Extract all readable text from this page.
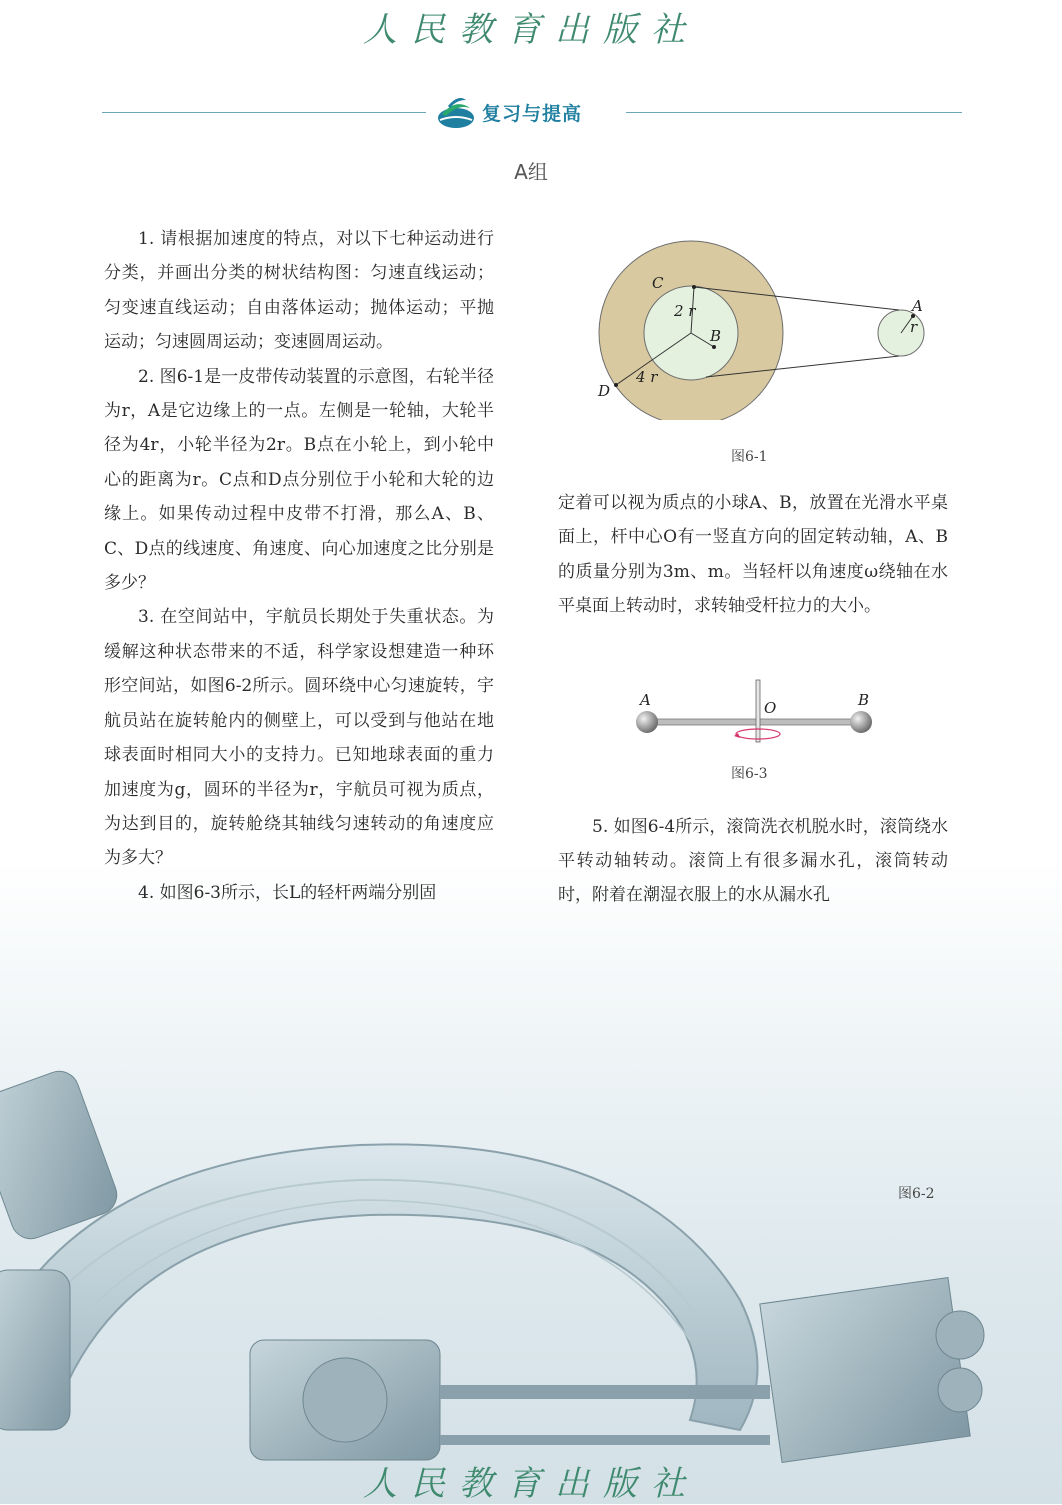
人民教育出版社
复习与提高
A组

1. 请根据加速度的特点，对以下七种运动进行分类，并画出分类的树状结构图：匀速直线运动；匀变速直线运动；自由落体运动；抛体运动；平抛运动；匀速圆周运动；变速圆周运动。

2. 图6-1是一皮带传动装置的示意图，右轮半径为r，A是它边缘上的一点。左侧是一轮轴，大轮半径为4r，小轮半径为2r。B点在小轮上，到小轮中心的距离为r。C点和D点分别位于小轮和大轮的边缘上。如果传动过程中皮带不打滑，那么A、B、C、D点的线速度、角速度、向心加速度之比分别是多少？

3. 在空间站中，宇航员长期处于失重状态。为缓解这种状态带来的不适，科学家设想建造一种环形空间站，如图6-2所示。圆环绕中心匀速旋转，宇航员站在旋转舱内的侧壁上，可以受到与他站在地球表面时相同大小的支持力。已知地球表面的重力加速度为g，圆环的半径为r，宇航员可视为质点，为达到目的，旋转舱绕其轴线匀速转动的角速度应为多大？

4. 如图6-3所示，长L的轻杆两端分别固

C
2 r
B
4 r
D
A
r
图6-1

定着可以视为质点的小球A、B，放置在光滑水平桌面上，杆中心O有一竖直方向的固定转动轴，A、B的质量分别为3m、m。当轻杆以角速度ω绕轴在水平桌面上转动时，求转轴受杆拉力的大小。

5. 如图6-4所示，滚筒洗衣机脱水时，滚筒绕水平转动轴转动。滚筒上有很多漏水孔，滚筒转动时，附着在潮湿衣服上的水从漏水孔

A	O	B
图6-3
图6-2
人民教育出版社
